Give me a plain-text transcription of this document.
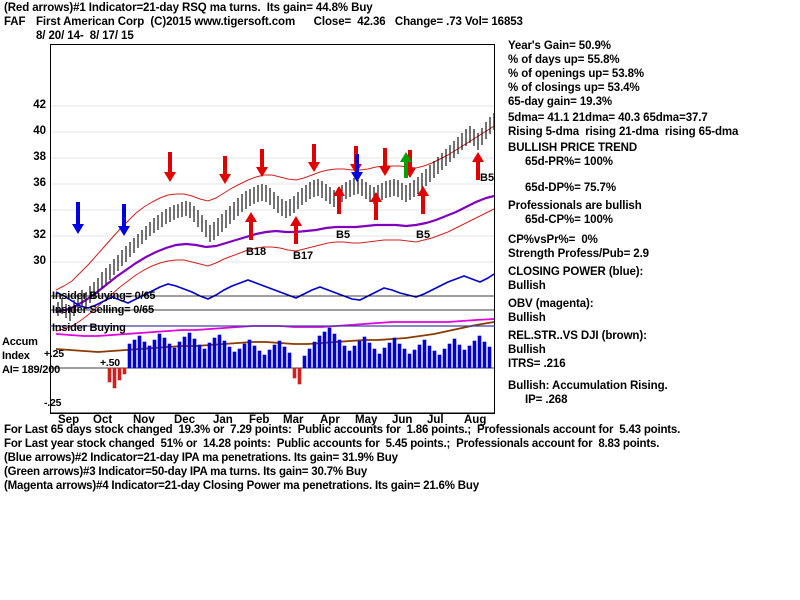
(Red arrows)#1 Indicator=21-day RSQ ma turns.  Its gain= 44.8% Buy
FAF First American Corp  (C)2015 www.tigersoft.com      Close=  42.36   Change= .73 Vol= 16853
8/ 20/ 14-  8/ 17/ 15
42
40
38
36
34
32
30
B5
B5	B5
B18 B17
Insider Buying= 0/65
Insider Selling= 0/65
Insider Buying
+.50
Accum
+.25
Index
AI= 189/200
-.25
Sep Oct Nov Dec Jan Feb Mar Apr May Jun Jul Aug
Year's Gain= 50.9%
% of days up= 55.8%
% of openings up= 53.8%
% of closings up= 53.4%
65-day gain= 19.3%
5dma= 41.1 21dma= 40.3 65dma=37.7
Rising 5-dma  rising 21-dma  rising 65-dma
BULLISH PRICE TREND
65d-PR%= 100%
65d-DP%= 75.7%
Professionals are bullish
65d-CP%= 100%
CP%vsPr%=  0%
Strength Profess/Pub= 2.9
CLOSING POWER (blue):
Bullish
OBV (magenta):
Bullish
REL.STR..VS DJI (brown):
Bullish
ITRS= .216
Bullish: Accumulation Rising.
IP= .268
For Last 65 days stock changed  19.3% or  7.29 points:  Public accounts for  1.86 points.;  Professionals account for  5.43 points.
For Last year stock changed  51% or  14.28 points:  Public accounts for  5.45 points.;  Professionals account for  8.83 points.
(Blue arrows)#2 Indicator=21-day IPA ma penetrations. Its gain= 31.9% Buy
(Green arrows)#3 Indicator=50-day IPA ma turns. Its gain= 30.7% Buy
(Magenta arrows)#4 Indicator=21-day Closing Power ma penetrations. Its gain= 21.6% Buy
